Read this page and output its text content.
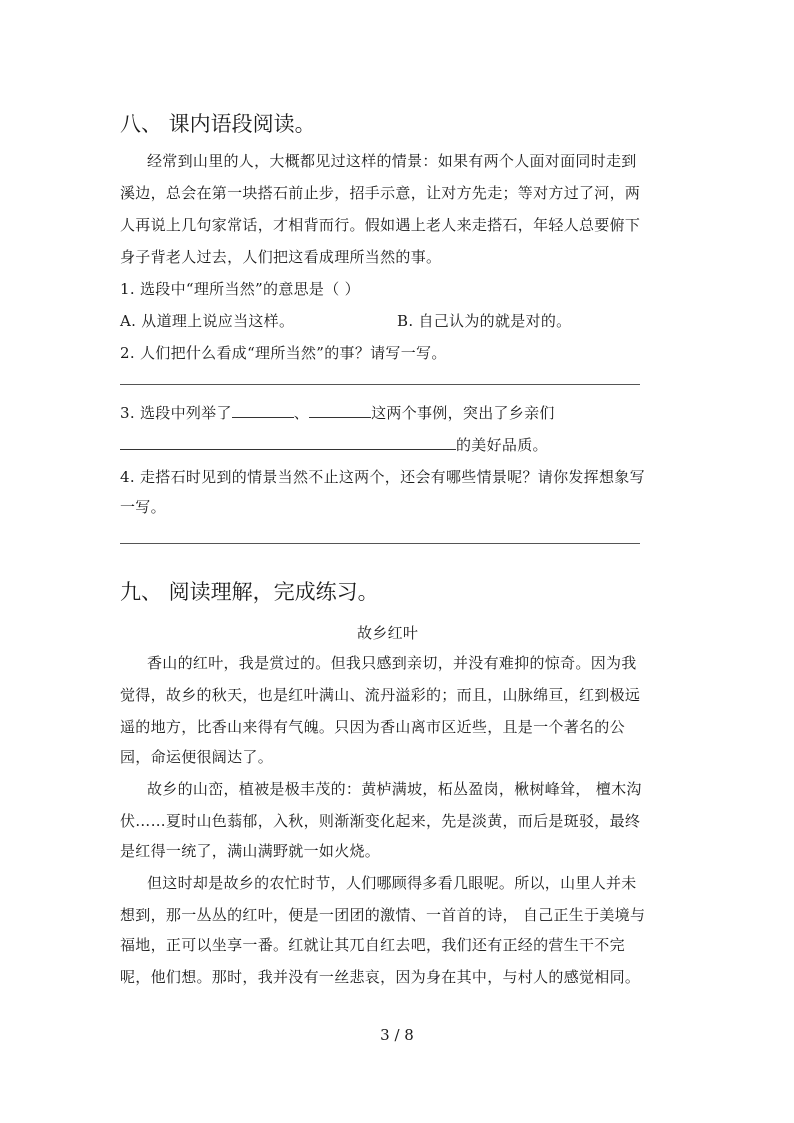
八、 课内语段阅读。
经常到山里的人，大概都见过这样的情景：如果有两个人面对面同时走到
溪边，总会在第一块搭石前止步，招手示意，让对方先走；等对方过了河，两
人再说上几句家常话，才相背而行。假如遇上老人来走搭石，年轻人总要俯下
身子背老人过去，人们把这看成理所当然的事。
1. 选段中“理所当然”的意思是（ ）
A. 从道理上说应当这样。	B. 自己认为的就是对的。
2. 人们把什么看成“理所当然”的事？请写一写。
3. 选段中列举了	、	这两个事例，突出了乡亲们
的美好品质。
4. 走搭石时见到的情景当然不止这两个，还会有哪些情景呢？请你发挥想象写
一写。
九、 阅读理解，完成练习。
故乡红叶
香山的红叶，我是赏过的。但我只感到亲切，并没有难抑的惊奇。因为我
觉得，故乡的秋天，也是红叶满山、流丹溢彩的；而且，山脉绵亘，红到极远
遥的地方，比香山来得有气魄。只因为香山离市区近些，且是一个著名的公
园，命运便很阔达了。
故乡的山峦，植被是极丰茂的：黄栌满坡，柘丛盈岗，楸树峰耸， 檀木沟
伏……夏时山色蓊郁，入秋，则渐渐变化起来，先是淡黄，而后是斑驳，最终
是红得一统了，满山满野就一如火烧。
但这时却是故乡的农忙时节，人们哪顾得多看几眼呢。所以，山里人并未
想到，那一丛丛的红叶，便是一团团的激情、一首首的诗， 自己正生于美境与
福地，正可以坐享一番。红就让其兀自红去吧，我们还有正经的营生干不完
呢，他们想。那时，我并没有一丝悲哀，因为身在其中，与村人的感觉相同。
3 / 8
